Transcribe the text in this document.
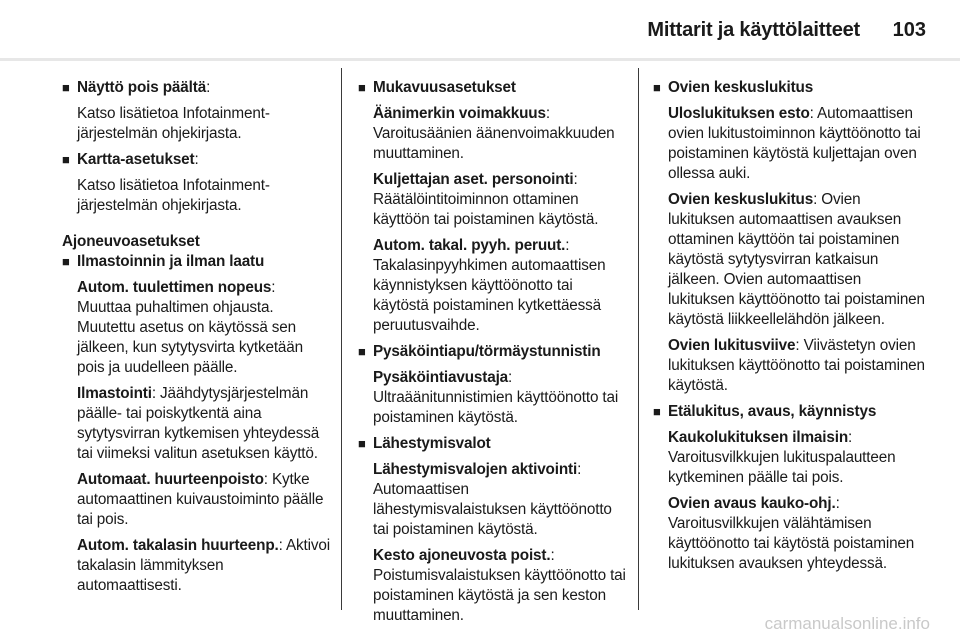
Mittarit ja käyttölaitteet 103
■ Näyttö pois päältä:
Katso lisätietoa Infotainment-järjestelmän ohjekirjasta.
■ Kartta-asetukset:
Katso lisätietoa Infotainment-järjestelmän ohjekirjasta.
Ajoneuvoasetukset
■ Ilmastoinnin ja ilman laatu
Autom. tuulettimen nopeus: Muuttaa puhaltimen ohjausta. Muutettu asetus on käytössä sen jälkeen, kun sytytysvirta kytketään pois ja uudelleen päälle.
Ilmastointi: Jäähdytysjärjestelmän päälle- tai poiskytkentä aina sytytysvirran kytkemisen yhteydessä tai viimeksi valitun asetuksen käyttö.
Automaat. huurteenpoisto: Kytke automaattinen kuivaustoiminto päälle tai pois.
Autom. takalasin huurteenp.: Aktivoi takalasin lämmityksen automaattisesti.
■ Mukavuusasetukset
Äänimerkin voimakkuus: Varoitusäänien äänenvoimakkuuden muuttaminen.
Kuljettajan aset. personointi: Räätälöintitoiminnon ottaminen käyttöön tai poistaminen käytöstä.
Autom. takal. pyyh. peruut.: Takalasinpyyhkimen automaattisen käynnistyksen käyttöönotto tai käytöstä poistaminen kytkettäessä peruutusvaihde.
■ Pysäköintiapu/törmäystunnistin
Pysäköintiavustaja: Ultraäänitunnistimien käyttöönotto tai poistaminen käytöstä.
■ Lähestymisvalot
Lähestymisvalojen aktivointi: Automaattisen lähestymisvalaistuksen käyttöönotto tai poistaminen käytöstä.
Kesto ajoneuvosta poist.: Poistumisvalaistuksen käyttöönotto tai poistaminen käytöstä ja sen keston muuttaminen.
■ Ovien keskuslukitus
Uloslukituksen esto: Automaattisen ovien lukitustoiminnon käyttöönotto tai poistaminen käytöstä kuljettajan oven ollessa auki.
Ovien keskuslukitus: Ovien lukituksen automaattisen avauksen ottaminen käyttöön tai poistaminen käytöstä sytytysvirran katkaisun jälkeen. Ovien automaattisen lukituksen käyttöönotto tai poistaminen käytöstä liikkeellelähdön jälkeen.
Ovien lukitusviive: Viivästetyn ovien lukituksen käyttöönotto tai poistaminen käytöstä.
■ Etälukitus, avaus, käynnistys
Kaukolukituksen ilmaisin: Varoitusvilkkujen lukituspalautteen kytkeminen päälle tai pois.
Ovien avaus kauko-ohj.: Varoitusvilkkujen välähtämisen käyttöönotto tai käytöstä poistaminen lukituksen avauksen yhteydessä.
carmanualsonline.info
